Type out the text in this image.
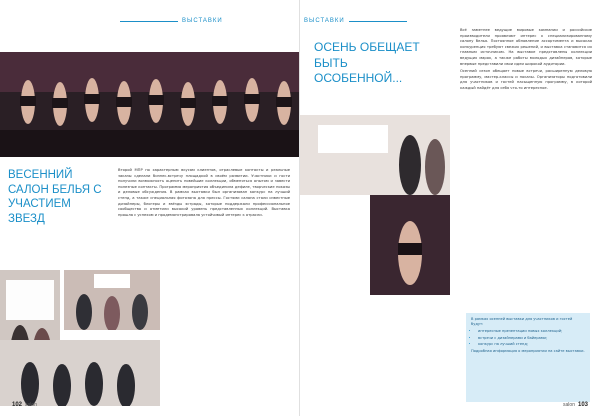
ВЫСТАВКИ
ВЕСЕННИЙ САЛОН БЕЛЬЯ С УЧАСТИЕМ ЗВЕЗД

Второй МПР по характерным вкусам клиентов, отраслевые контакты и реальные заказы сделали бизнес-встречу площадкой в своём развитии. Участники и гости получили возможность оценить новейшие коллекции, обменяться опытом и завести полезные контакты. Программа мероприятия объединила дефиле, творческие показы и деловые обсуждения. В рамках выставки был организован конкурс на лучший стенд, а также специальная фотозона для прессы. Гостями салона стали известные дизайнеры, блогеры и звёзды эстрады, которые поддержали профессиональное сообщество и отметили высокий уровень представленных коллекций. Выставка прошла с успехом и продемонстрировала устойчивый интерес к отрасли.

102 salon
ВЫСТАВКИ
ОСЕНЬ ОБЕЩАЕТ БЫТЬ ОСОБЕННОЙ...

Всё заметнее ведущие мировые компании и российские производители проявляют интерес к специализированному салону белья. Постоянное обновление ассортимента и высокая конкуренция требуют свежих решений, и выставка становится их главным источником. На выставке представлены коллекции ведущих марок, а также работы молодых дизайнеров, которые впервые представили свои идеи широкой аудитории.

Осенний сезон обещает новые встречи, расширенную деловую программу, мастер-классы и показы. Организаторы подготовили для участников и гостей насыщенную программу, в которой каждый найдёт для себя что-то интересное.

В рамках осенней выставки для участников и гостей будут:

• интересные презентации новых коллекций;
• встречи с дизайнерами и байерами;
• конкурс на лучший стенд;

Подробная информация о мероприятии на сайте выставки.

salon 103
